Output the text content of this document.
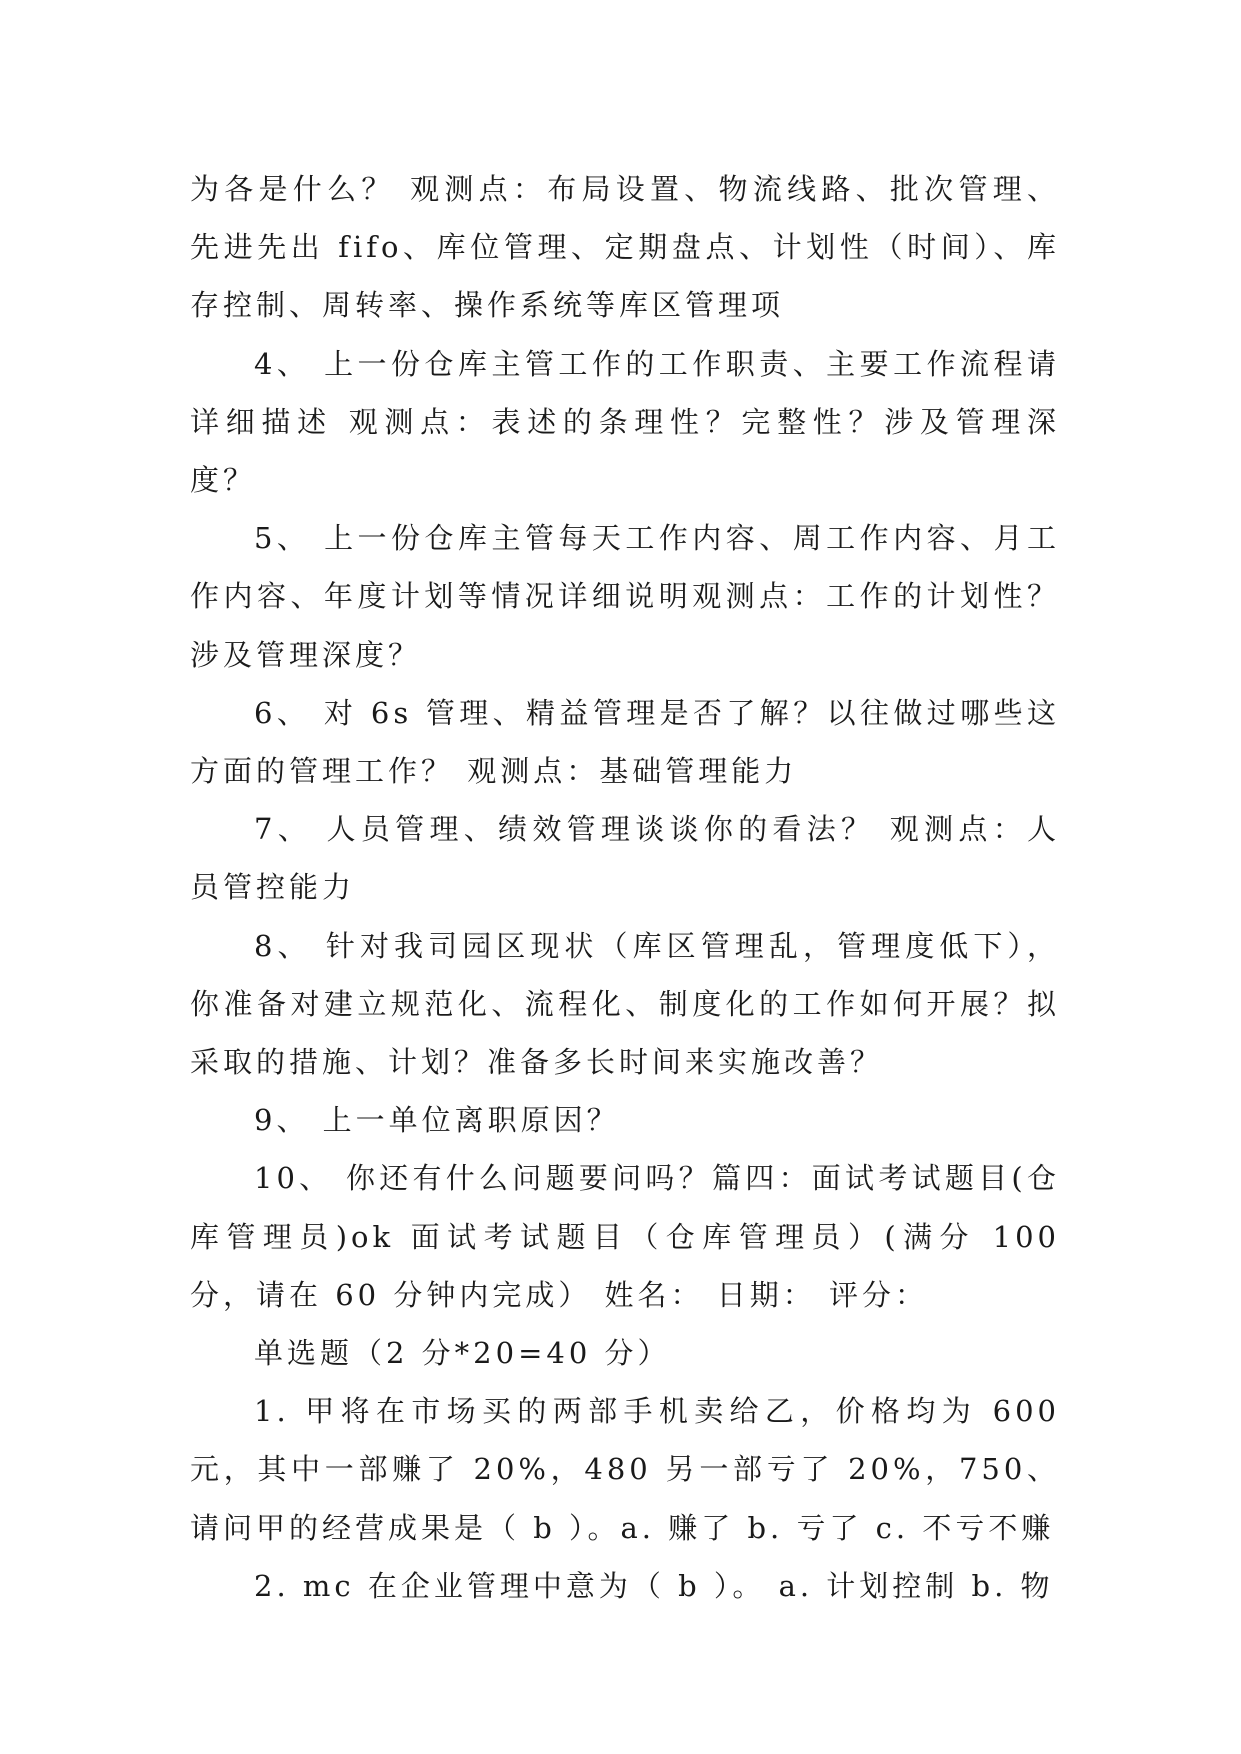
为各是什么？ 观测点：布局设置、物流线路、批次管理、先进先出 fifo、库位管理、定期盘点、计划性（时间）、库存控制、周转率、操作系统等库区管理项

4、 上一份仓库主管工作的工作职责、主要工作流程请详细描述 观测点：表述的条理性？完整性？涉及管理深度？

5、 上一份仓库主管每天工作内容、周工作内容、月工作内容、年度计划等情况详细说明观测点：工作的计划性？涉及管理深度？

6、 对 6s 管理、精益管理是否了解？以往做过哪些这方面的管理工作？ 观测点：基础管理能力

7、 人员管理、绩效管理谈谈你的看法？ 观测点：人员管控能力

8、 针对我司园区现状（库区管理乱，管理度低下），你准备对建立规范化、流程化、制度化的工作如何开展？拟采取的措施、计划？准备多长时间来实施改善？

9、 上一单位离职原因？

10、 你还有什么问题要问吗？篇四：面试考试题目(仓库管理员)ok 面试考试题目（仓库管理员）(满分 100 分，请在 60 分钟内完成） 姓名： 日期： 评分：

单选题（2 分*20=40 分）

1. 甲将在市场买的两部手机卖给乙，价格均为 600 元，其中一部赚了 20%，480 另一部亏了 20%，750、请问甲的经营成果是（ b ）。a. 赚了 b. 亏了 c. 不亏不赚

2. mc 在企业管理中意为（ b ）。 a. 计划控制 b. 物
